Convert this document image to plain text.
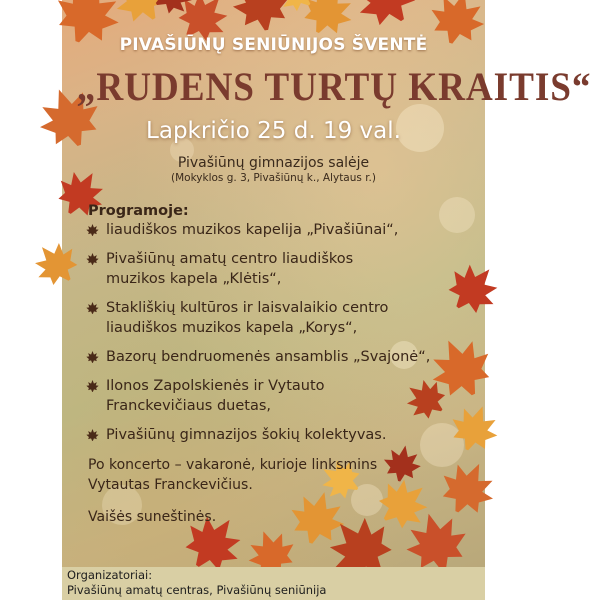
PIVAŠIŪNŲ SENIŪNIJOS ŠVENTĖ
„RUDENS TURTŲ KRAITIS“
Lapkričio 25 d. 19 val.
Pivašiūnų gimnazijos salėje
(Mokyklos g. 3, Pivašiūnų k., Alytaus r.)
Programoje:
liaudiškos muzikos kapelija „Pivašiūnai“,
Pivašiūnų amatų centro liaudiškos
muzikos kapela „Klėtis“,
Stakliškių kultūros ir laisvalaikio centro
liaudiškos muzikos kapela „Korys“,
Bazorų bendruomenės ansamblis „Svajonė“,
Ilonos Zapolskienės ir Vytauto
Franckevičiaus duetas,
Pivašiūnų gimnazijos šokių kolektyvas.
Po koncerto – vakaronė, kurioje linksmins
Vytautas Franckevičius.
Vaišės suneštinės.
Organizatoriai:
Pivašiūnų amatų centras, Pivašiūnų seniūnija
